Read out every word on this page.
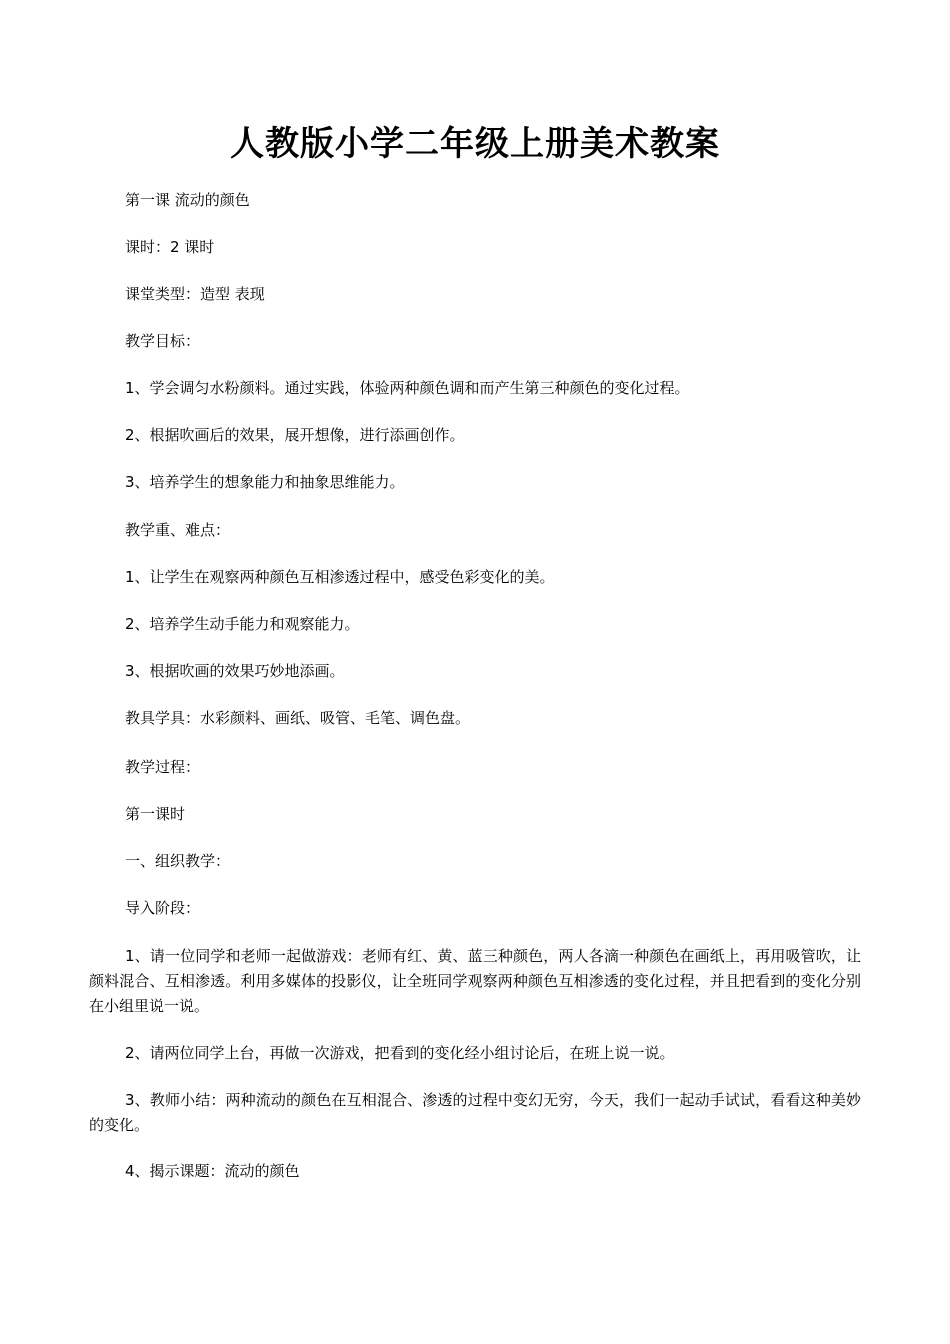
人教版小学二年级上册美术教案
第一课 流动的颜色
课时：2 课时
课堂类型：造型 表现
教学目标：
1、学会调匀水粉颜料。通过实践，体验两种颜色调和而产生第三种颜色的变化过程。
2、根据吹画后的效果，展开想像，进行添画创作。
3、培养学生的想象能力和抽象思维能力。
教学重、难点：
1、让学生在观察两种颜色互相渗透过程中，感受色彩变化的美。
2、培养学生动手能力和观察能力。
3、根据吹画的效果巧妙地添画。
教具学具：水彩颜料、画纸、吸管、毛笔、调色盘。
教学过程：
第一课时
一、组织教学：
导入阶段：
1、请一位同学和老师一起做游戏：老师有红、黄、蓝三种颜色，两人各滴一种颜色在画纸上，再用吸管吹，让颜料混合、互相渗透。利用多媒体的投影仪，让全班同学观察两种颜色互相渗透的变化过程，并且把看到的变化分别在小组里说一说。
2、请两位同学上台，再做一次游戏，把看到的变化经小组讨论后，在班上说一说。
3、教师小结：两种流动的颜色在互相混合、渗透的过程中变幻无穷，今天，我们一起动手试试，看看这种美妙的变化。
4、揭示课题：流动的颜色
